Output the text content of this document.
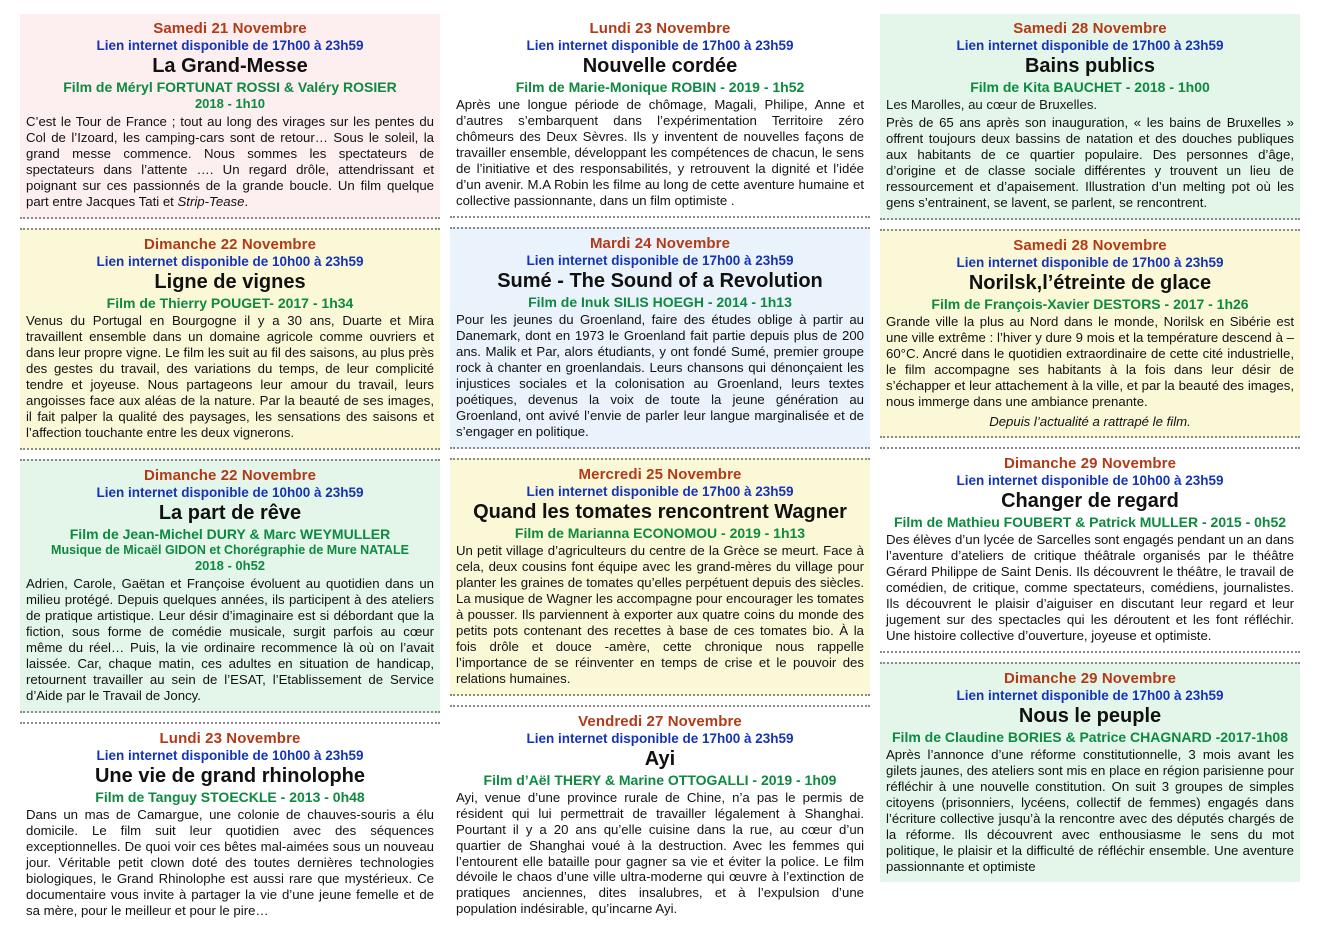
Samedi 21 Novembre
Lien internet disponible de 17h00 à 23h59
La Grand-Messe
Film de Méryl FORTUNAT ROSSI & Valéry ROSIER
2018 - 1h10
C’est le Tour de France ; tout au long des virages sur les pentes du Col de l’Izoard, les camping-cars sont de retour… Sous le soleil, la grand messe commence. Nous sommes les spectateurs de spectateurs dans l’attente …. Un regard drôle, attendrissant et poignant sur ces passionnés de la grande boucle. Un film quelque part entre Jacques Tati et Strip-Tease.
Dimanche 22 Novembre
Lien internet disponible de 10h00 à 23h59
Ligne de vignes
Film de Thierry POUGET- 2017 - 1h34
Venus du Portugal en Bourgogne il y a 30 ans, Duarte et Mira travaillent ensemble dans un domaine agricole comme ouvriers et dans leur propre vigne. Le film les suit au fil des saisons, au plus près des gestes du travail, des variations du temps, de leur complicité tendre et joyeuse. Nous partageons leur amour du travail, leurs angoisses face aux aléas de la nature. Par la beauté de ses images, il fait palper la qualité des paysages, les sensations des saisons et l’affection touchante entre les deux vignerons.
Dimanche 22 Novembre
Lien internet disponible de 10h00 à 23h59
La part de rêve
Film de Jean-Michel DURY & Marc WEYMULLER
Musique de Micaël GIDON et Chorégraphie de Mure NATALE
2018 - 0h52
Adrien, Carole, Gaëtan et Françoise évoluent au quotidien dans un milieu protégé. Depuis quelques années, ils participent à des ateliers de pratique artistique. Leur désir d’imaginaire est si débordant que la fiction, sous forme de comédie musicale, surgit parfois au cœur même du réel… Puis, la vie ordinaire recommence là où on l’avait laissée. Car, chaque matin, ces adultes en situation de handicap, retournent travailler au sein de l’ESAT, l’Etablissement de Service d’Aide par le Travail de Joncy.
Lundi 23 Novembre
Lien internet disponible de 10h00 à 23h59
Une vie de grand rhinolophe
Film de Tanguy STOECKLE - 2013 - 0h48
Dans un mas de Camargue, une colonie de chauves-souris a élu domicile. Le film suit leur quotidien avec des séquences exceptionnelles. De quoi voir ces bêtes mal-aimées sous un nouveau jour. Véritable petit clown doté des toutes dernières technologies biologiques, le Grand Rhinolophe est aussi rare que mystérieux. Ce documentaire vous invite à partager la vie d’une jeune femelle et de sa mère, pour le meilleur et pour le pire…
Lundi 23 Novembre
Lien internet disponible de 17h00 à 23h59
Nouvelle cordée
Film de Marie-Monique ROBIN - 2019 - 1h52
Après une longue période de chômage, Magali, Philipe, Anne et d’autres s’embarquent dans l’expérimentation Territoire zéro chômeurs des Deux Sèvres. Ils y inventent de nouvelles façons de travailler ensemble, développant les compétences de chacun, le sens de l’initiative et des responsabilités, y retrouvent la dignité et l’idée d’un avenir. M.A Robin les filme au long de cette aventure humaine et collective passionnante, dans un film optimiste .
Mardi 24 Novembre
Lien internet disponible de 17h00 à 23h59
Sumé - The Sound of a Revolution
Film de Inuk SILIS HOEGH - 2014 - 1h13
Pour les jeunes du Groenland, faire des études oblige à partir au Danemark, dont en 1973 le Groenland fait partie depuis plus de 200 ans. Malik et Par, alors étudiants, y ont fondé Sumé, premier groupe rock à chanter en groenlandais. Leurs chansons qui dénonçaient les injustices sociales et la colonisation au Groenland, leurs textes poétiques, devenus la voix de toute la jeune génération au Groenland, ont avivé l’envie de parler leur langue marginalisée et de s’engager en politique.
Mercredi 25 Novembre
Lien internet disponible de 17h00 à 23h59
Quand les tomates rencontrent Wagner
Film de Marianna ECONOMOU - 2019 - 1h13
Un petit village d’agriculteurs du centre de la Grèce se meurt. Face à cela, deux cousins font équipe avec les grand-mères du village pour planter les graines de tomates qu’elles perpétuent depuis des siècles. La musique de Wagner les accompagne pour encourager les tomates à pousser. Ils parviennent à exporter aux quatre coins du monde des petits pots contenant des recettes à base de ces tomates bio. À la fois drôle et douce -amère, cette chronique nous rappelle l’importance de se réinventer en temps de crise et le pouvoir des relations humaines.
Vendredi 27 Novembre
Lien internet disponible de 17h00 à 23h59
Ayi
Film d’Aël THERY & Marine OTTOGALLI - 2019 - 1h09
Ayi, venue d’une province rurale de Chine, n’a pas le permis de résident qui lui permettrait de travailler légalement à Shanghai. Pourtant il y a 20 ans qu’elle cuisine dans la rue, au cœur d’un quartier de Shanghai voué à la destruction. Avec les femmes qui l’entourent elle bataille pour gagner sa vie et éviter la police. Le film dévoile le chaos d’une ville ultra-moderne qui œuvre à l’extinction de pratiques anciennes, dites insalubres, et à l’expulsion d’une population indésirable, qu’incarne Ayi.
Samedi 28 Novembre
Lien internet disponible de 17h00 à 23h59
Bains publics
Film de Kita BAUCHET - 2018 - 1h00
Les Marolles, au cœur de Bruxelles.
Près de 65 ans après son inauguration, « les bains de Bruxelles » offrent toujours deux bassins de natation et des douches publiques aux habitants de ce quartier populaire. Des personnes d’âge, d’origine et de classe sociale différentes y trouvent un lieu de ressourcement et d’apaisement. Illustration d’un melting pot où les gens s’entrainent, se lavent, se parlent, se rencontrent.
Samedi 28 Novembre
Lien internet disponible de 17h00 à 23h59
Norilsk,l’étreinte de glace
Film de François-Xavier DESTORS - 2017 - 1h26
Grande ville la plus au Nord dans le monde, Norilsk en Sibérie est une ville extrême : l’hiver y dure 9 mois et la température descend à – 60°C. Ancré dans le quotidien extraordinaire de cette cité industrielle, le film accompagne ses habitants à la fois dans leur désir de s’échapper et leur attachement à la ville, et par la beauté des images, nous immerge dans une ambiance prenante.
Depuis l’actualité a rattrapé le film.
Dimanche 29 Novembre
Lien internet disponible de 10h00 à 23h59
Changer de regard
Film de Mathieu FOUBERT & Patrick MULLER - 2015 - 0h52
Des élèves d’un lycée de Sarcelles sont engagés pendant un an dans l’aventure d’ateliers de critique théâtrale organisés par le théâtre Gérard Philippe de Saint Denis. Ils découvrent le théâtre, le travail de comédien, de critique, comme spectateurs, comédiens, journalistes. Ils découvrent le plaisir d’aiguiser en discutant leur regard et leur jugement sur des spectacles qui les déroutent et les font réfléchir. Une histoire collective d’ouverture, joyeuse et optimiste.
Dimanche 29 Novembre
Lien internet disponible de 17h00 à 23h59
Nous le peuple
Film de Claudine BORIES & Patrice CHAGNARD -2017-1h08
Après l’annonce d’une réforme constitutionnelle, 3 mois avant les gilets jaunes, des ateliers sont mis en place en région parisienne pour réfléchir à une nouvelle constitution. On suit 3 groupes de simples citoyens (prisonniers, lycéens, collectif de femmes) engagés dans l’écriture collective jusqu’à la rencontre avec des députés chargés de la réforme. Ils découvrent avec enthousiasme le sens du mot politique, le plaisir et la difficulté de réfléchir ensemble. Une aventure passionnante et optimiste
